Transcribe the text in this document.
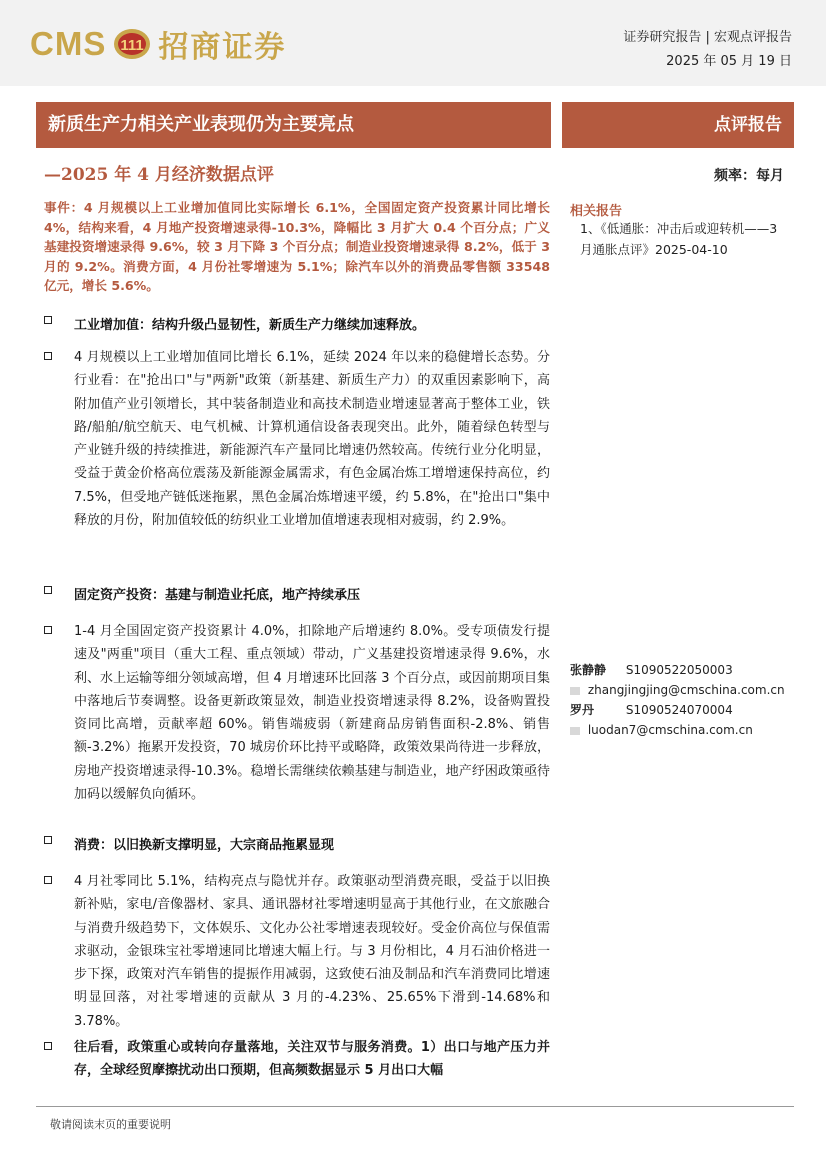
CMS 111 招商证券	证券研究报告 | 宏观点评报告
2025 年 05 月 19 日
新质生产力相关产业表现仍为主要亮点	点评报告
—2025 年 4 月经济数据点评	频率：每月
事件：4 月规模以上工业增加值同比实际增长 6.1%，全国固定资产投资累计同比增长 4%，结构来看，4 月地产投资增速录得-10.3%，降幅比 3 月扩大 0.4 个百分点；广义基建投资增速录得 9.6%，较 3 月下降 3 个百分点；制造业投资增速录得 8.2%，低于 3 月的 9.2%。消费方面，4 月份社零增速为 5.1%；除汽车以外的消费品零售额 33548 亿元，增长 5.6%。
工业增加值：结构升级凸显韧性，新质生产力继续加速释放。
4 月规模以上工业增加值同比增长 6.1%，延续 2024 年以来的稳健增长态势。分行业看：在"抢出口"与"两新"政策（新基建、新质生产力）的双重因素影响下，高附加值产业引领增长，其中装备制造业和高技术制造业增速显著高于整体工业，铁路/船舶/航空航天、电气机械、计算机通信设备表现突出。此外，随着绿色转型与产业链升级的持续推进，新能源汽车产量同比增速仍然较高。传统行业分化明显，受益于黄金价格高位震荡及新能源金属需求，有色金属冶炼工增增速保持高位，约 7.5%，但受地产链低迷拖累，黑色金属冶炼增速平缓，约 5.8%，在"抢出口"集中释放的月份，附加值较低的纺织业工业增加值增速表现相对疲弱，约 2.9%。
固定资产投资：基建与制造业托底，地产持续承压
1-4 月全国固定资产投资累计 4.0%，扣除地产后增速约 8.0%。受专项债发行提速及"两重"项目（重大工程、重点领域）带动，广义基建投资增速录得 9.6%，水利、水上运输等细分领域高增，但 4 月增速环比回落 3 个百分点，或因前期项目集中落地后节奏调整。设备更新政策显效，制造业投资增速录得 8.2%，设备购置投资同比高增，贡献率超 60%。销售端疲弱（新建商品房销售面积-2.8%、销售额-3.2%）拖累开发投资，70 城房价环比持平或略降，政策效果尚待进一步释放，房地产投资增速录得-10.3%。稳增长需继续依赖基建与制造业，地产纾困政策亟待加码以缓解负向循环。
消费：以旧换新支撑明显，大宗商品拖累显现
4 月社零同比 5.1%，结构亮点与隐忧并存。政策驱动型消费亮眼，受益于以旧换新补贴，家电/音像器材、家具、通讯器材社零增速明显高于其他行业，在文旅融合与消费升级趋势下，文体娱乐、文化办公社零增速表现较好。受金价高位与保值需求驱动，金银珠宝社零增速同比增速大幅上行。与 3 月份相比，4 月石油价格进一步下探，政策对汽车销售的提振作用减弱，这致使石油及制品和汽车消费同比增速明显回落，对社零增速的贡献从 3 月的-4.23%、25.65%下滑到-14.68%和 3.78%。
往后看，政策重心或转向存量落地，关注双节与服务消费。1）出口与地产压力并存，全球经贸摩擦扰动出口预期，但高频数据显示 5 月出口大幅
相关报告
1、《低通胀：冲击后或迎转机——3 月通胀点评》2025-04-10
张静静 S1090522050003
zhangjingjing@cmschina.com.cn
罗丹	S1090524070004
luodan7@cmschina.com.cn
敬请阅读末页的重要说明
